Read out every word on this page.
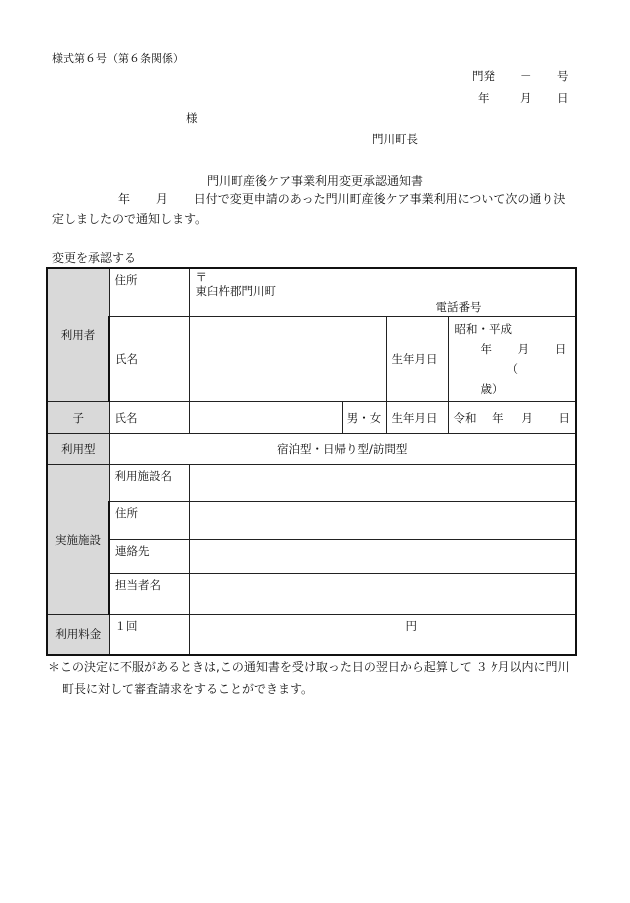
様式第６号（第６条関係）
門発 － 号
年	月 日
様
門川町長
門川町産後ケア事業利用変更承認通知書
年 月 日付で変更申請のあった門川町産後ケア事業利用について次の通り決
定しましたので通知します。
変更を承認する
利用者	住所	〒
東臼杵郡門川町
電話番号			

	氏名			生年月日	昭和・平成
年 月 日
（ 歳）

子	氏名		男・女	生年月日	令和 年 月 日
利用型	宿泊型・日帰り型/訪問型				
実施施設	利用施設名				
	住所				
	連絡先				
	担当者名				
利用料金	１回	円			
＊この決定に不服があるときは,この通知書を受け取った日の翌日から起算して ３ ｹ月以内に門川
町長に対して審査請求をすることができます。
